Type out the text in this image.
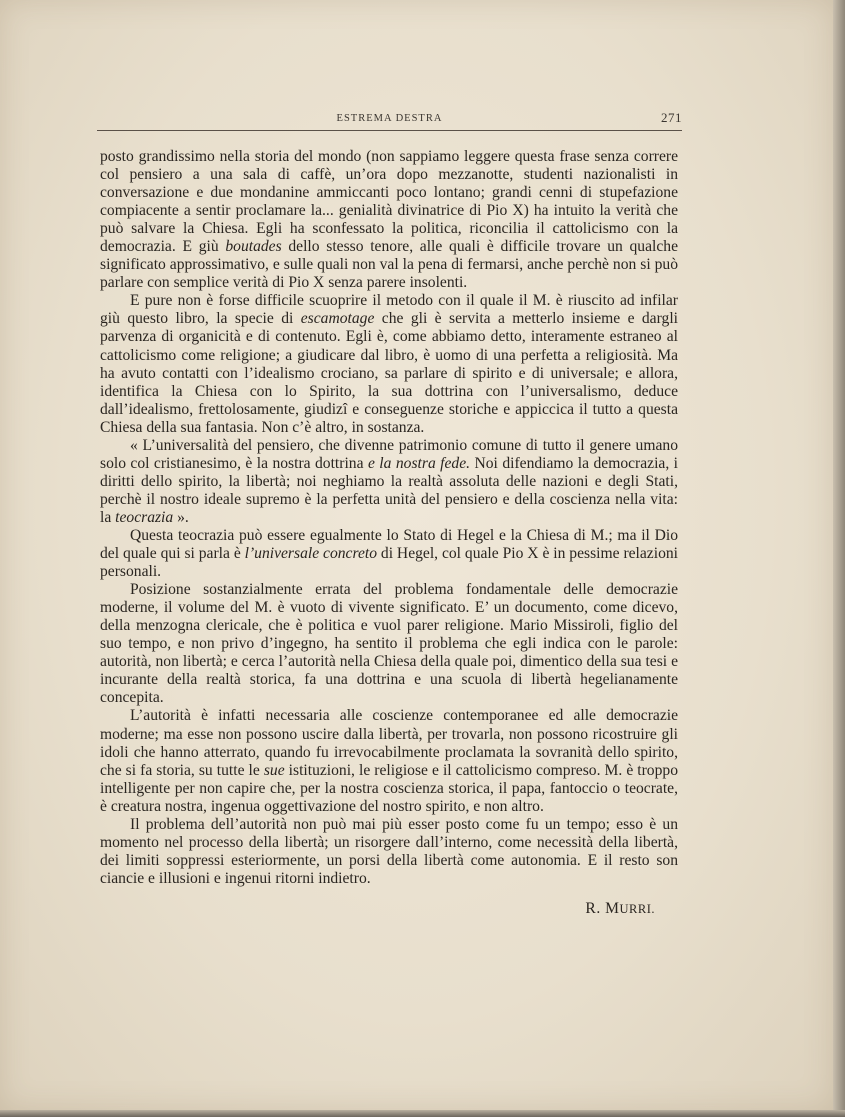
ESTREMA DESTRA	271

posto grandissimo nella storia del mondo (non sappiamo leggere questa frase senza correre col pensiero a una sala di caffè, un’ora dopo mezzanotte, studenti nazionalisti in conversazione e due mondanine ammiccanti poco lontano; grandi cenni di stupefazione compiacente a sentir proclamare la... genialità divinatrice di Pio X) ha intuito la verità che può salvare la Chiesa. Egli ha sconfessato la politica, riconcilia il cattolicismo con la democrazia. E giù boutades dello stesso tenore, alle quali è difficile trovare un qualche significato approssimativo, e sulle quali non val la pena di fermarsi, anche perchè non si può parlare con semplice verità di Pio X senza parere insolenti.

E pure non è forse difficile scuoprire il metodo con il quale il M. è riuscito ad infilar giù questo libro, la specie di escamotage che gli è servita a metterlo insieme e dargli parvenza di organicità e di contenuto. Egli è, come abbiamo detto, interamente estraneo al cattolicismo come religione; a giudicare dal libro, è uomo di una perfetta a religiosità. Ma ha avuto contatti con l’idealismo crociano, sa parlare di spirito e di universale; e allora, identifica la Chiesa con lo Spirito, la sua dottrina con l’universalismo, deduce dall’idealismo, frettolosamente, giudizî e conseguenze storiche e appiccica il tutto a questa Chiesa della sua fantasia. Non c’è altro, in sostanza.

« L’universalità del pensiero, che divenne patrimonio comune di tutto il genere umano solo col cristianesimo, è la nostra dottrina e la nostra fede. Noi difendiamo la democrazia, i diritti dello spirito, la libertà; noi neghiamo la realtà assoluta delle nazioni e degli Stati, perchè il nostro ideale supremo è la perfetta unità del pensiero e della coscienza nella vita: la teocrazia ».

Questa teocrazia può essere egualmente lo Stato di Hegel e la Chiesa di M.; ma il Dio del quale qui si parla è l’universale concreto di Hegel, col quale Pio X è in pessime relazioni personali.

Posizione sostanzialmente errata del problema fondamentale delle democrazie moderne, il volume del M. è vuoto di vivente significato. E’ un documento, come dicevo, della menzogna clericale, che è politica e vuol parer religione. Mario Missiroli, figlio del suo tempo, e non privo d’ingegno, ha sentito il problema che egli indica con le parole: autorità, non libertà; e cerca l’autorità nella Chiesa della quale poi, dimentico della sua tesi e incurante della realtà storica, fa una dottrina e una scuola di libertà hegelianamente concepita.

L’autorità è infatti necessaria alle coscienze contemporanee ed alle democrazie moderne; ma esse non possono uscire dalla libertà, per trovarla, non possono ricostruire gli idoli che hanno atterrato, quando fu irrevocabilmente proclamata la sovranità dello spirito, che si fa storia, su tutte le sue istituzioni, le religiose e il cattolicismo compreso. M. è troppo intelligente per non capire che, per la nostra coscienza storica, il papa, fantoccio o teocrate, è creatura nostra, ingenua oggettivazione del nostro spirito, e non altro.

Il problema dell’autorità non può mai più esser posto come fu un tempo; esso è un momento nel processo della libertà; un risorgere dall’interno, come necessità della libertà, dei limiti soppressi esteriormente, un porsi della libertà come autonomia. E il resto son ciancie e illusioni e ingenui ritorni indietro.

R. MURRI.
